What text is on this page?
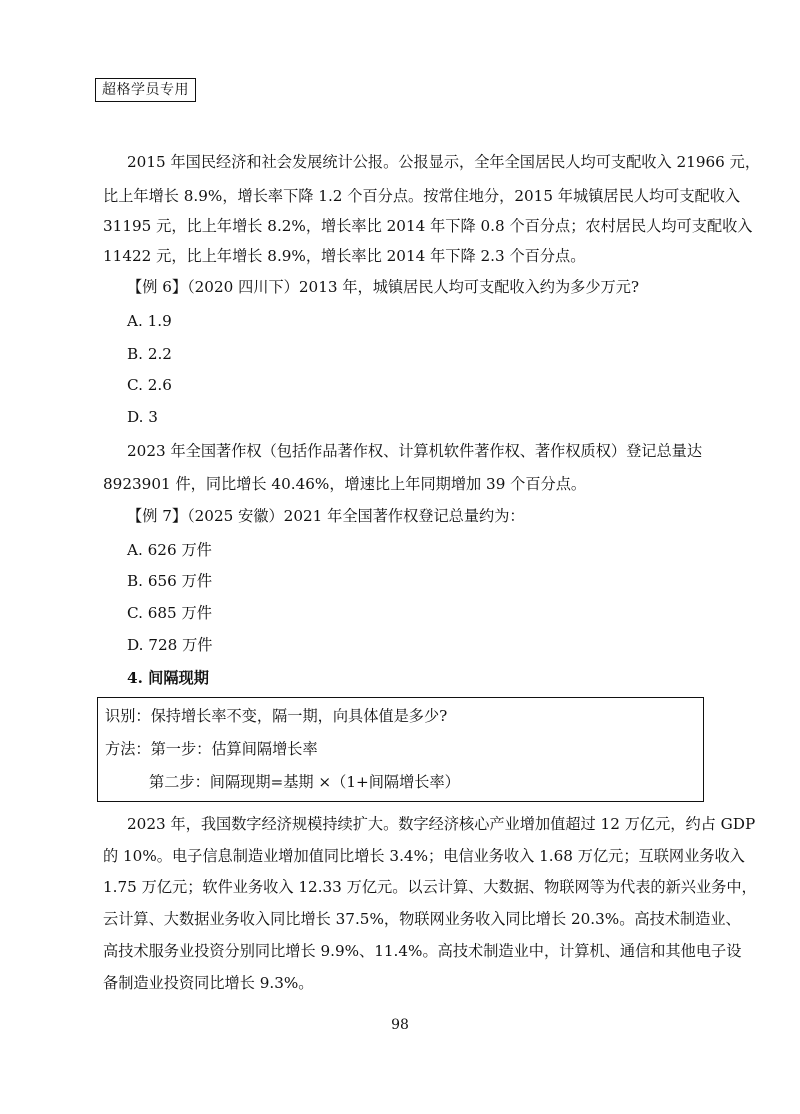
超格学员专用
2015 年国民经济和社会发展统计公报。公报显示，全年全国居民人均可支配收入 21966 元，
比上年增长 8.9%，增长率下降 1.2 个百分点。按常住地分，2015 年城镇居民人均可支配收入
31195 元，比上年增长 8.2%，增长率比 2014 年下降 0.8 个百分点；农村居民人均可支配收入
11422 元，比上年增长 8.9%，增长率比 2014 年下降 2.3 个百分点。
【例 6】（2020 四川下）2013 年，城镇居民人均可支配收入约为多少万元?
A. 1.9
B. 2.2
C. 2.6
D. 3
2023 年全国著作权（包括作品著作权、计算机软件著作权、著作权质权）登记总量达
8923901 件，同比增长 40.46%，增速比上年同期增加 39 个百分点。
【例 7】（2025 安徽）2021 年全国著作权登记总量约为：
A. 626 万件
B. 656 万件
C. 685 万件
D. 728 万件
4. 间隔现期
识别：保持增长率不变，隔一期，向具体值是多少?
方法：第一步：估算间隔增长率
第二步：间隔现期=基期 ×（1+间隔增长率）
2023 年，我国数字经济规模持续扩大。数字经济核心产业增加值超过 12 万亿元，约占 GDP
的 10%。电子信息制造业增加值同比增长 3.4%；电信业务收入 1.68 万亿元；互联网业务收入
1.75 万亿元；软件业务收入 12.33 万亿元。以云计算、大数据、物联网等为代表的新兴业务中，
云计算、大数据业务收入同比增长 37.5%，物联网业务收入同比增长 20.3%。高技术制造业、
高技术服务业投资分别同比增长 9.9%、11.4%。高技术制造业中，计算机、通信和其他电子设
备制造业投资同比增长 9.3%。
98
